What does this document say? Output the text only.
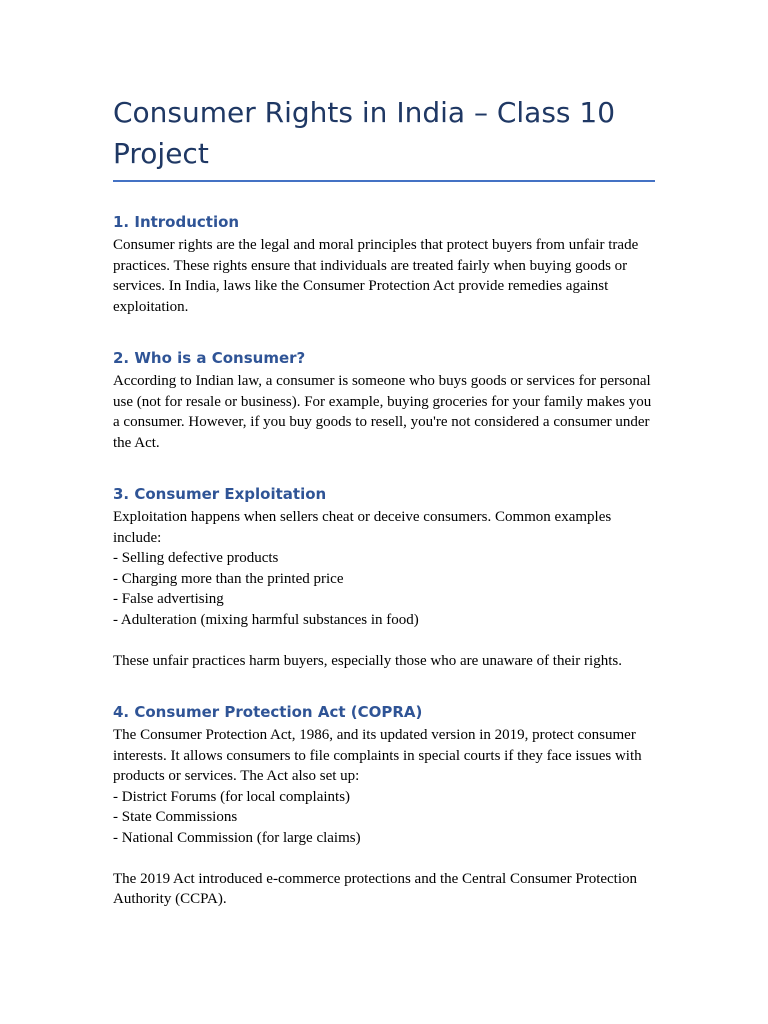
Consumer Rights in India – Class 10 Project
1. Introduction

Consumer rights are the legal and moral principles that protect buyers from unfair trade practices. These rights ensure that individuals are treated fairly when buying goods or services. In India, laws like the Consumer Protection Act provide remedies against exploitation.

2. Who is a Consumer?

According to Indian law, a consumer is someone who buys goods or services for personal use (not for resale or business). For example, buying groceries for your family makes you a consumer. However, if you buy goods to resell, you're not considered a consumer under the Act.

3. Consumer Exploitation

Exploitation happens when sellers cheat or deceive consumers. Common examples include:

- Selling defective products
- Charging more than the printed price
- False advertising
- Adulteration (mixing harmful substances in food)

These unfair practices harm buyers, especially those who are unaware of their rights.

4. Consumer Protection Act (COPRA)

The Consumer Protection Act, 1986, and its updated version in 2019, protect consumer interests. It allows consumers to file complaints in special courts if they face issues with products or services. The Act also set up:

- District Forums (for local complaints)
- State Commissions
- National Commission (for large claims)

The 2019 Act introduced e-commerce protections and the Central Consumer Protection Authority (CCPA).
